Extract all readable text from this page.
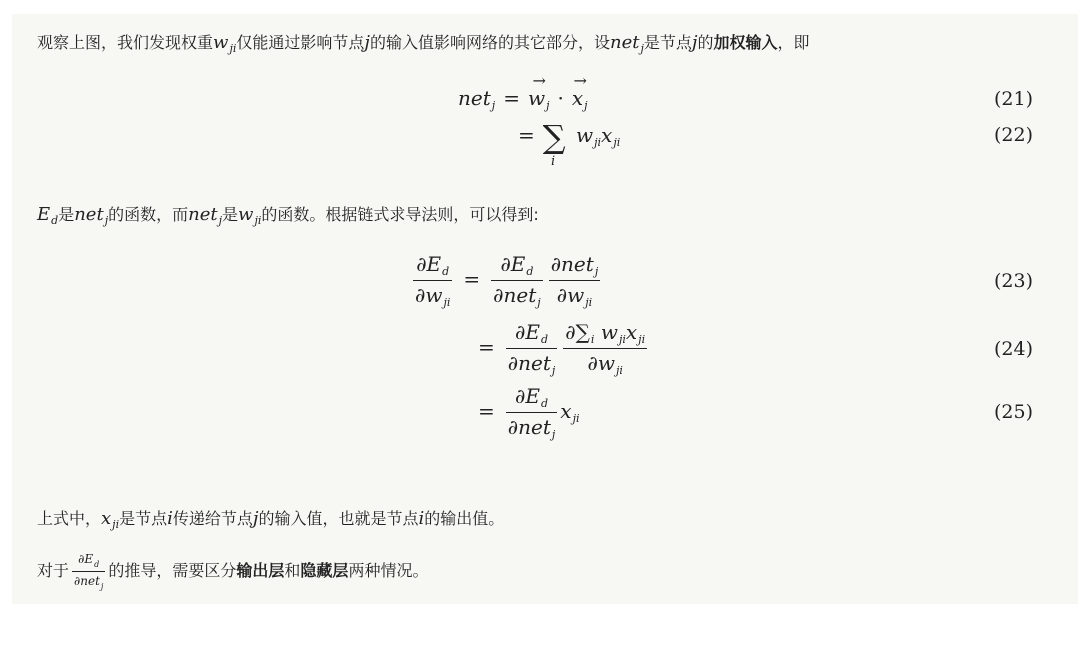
观察上图，我们发现权重$w_{ji}$仅能通过影响节点j的输入值影响网络的其它部分，设net$_j$是节点j的加权输入，即
$net_j =\to w_j \cdot\to x_j$	(21)
= ∑ $w_{ji}x_{ji}$
i
(22)
$E_d$是net$_j$的函数，而net$_j$是$w_{ji}$的函数。根据链式求导法则，可以得到:
$\frac{\partial E_d}{\partial w_{ji}} = \frac{\partial E_d}{\partial net_j} \frac{\partial net_j}{\partial w_{ji}}$	(23)
= $\frac{\partial E_d}{\partial net_j} \frac{\partial\sum_i w_{ji}x_{ji}}{\partial w_{ji}}$	(24)
= $\frac{\partial E_d}{\partial net_j} x_{ji}$	(25)
上式中，$x_{ji}$是节点i传递给节点j的输入值，也就是节点i的输出值。
对于 $\frac{\partial E_d}{\partial net_j}$ 的推导，需要区分输出层和隐藏层两种情况。
